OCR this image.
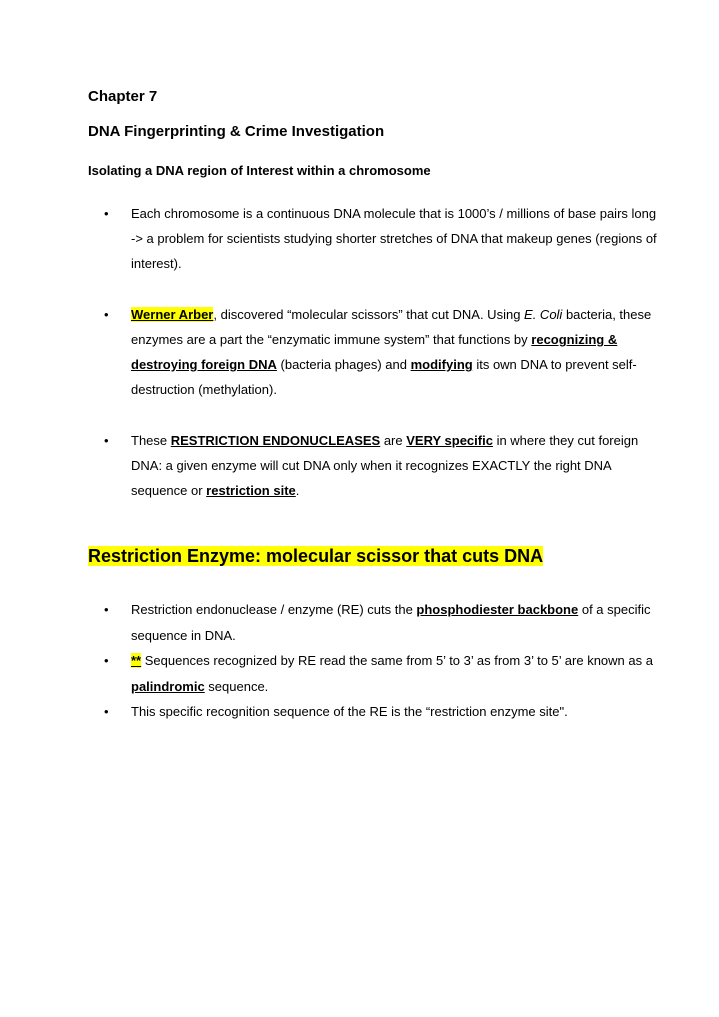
Chapter 7

DNA Fingerprinting & Crime Investigation

Isolating a DNA region of Interest within a chromosome

• Each chromosome is a continuous DNA molecule that is 1000’s / millions of base pairs long -> a problem for scientists studying shorter stretches of DNA that makeup genes (regions of interest).
• Werner Arber, discovered “molecular scissors” that cut DNA. Using E. Coli bacteria, these enzymes are a part the “enzymatic immune system” that functions by recognizing & destroying foreign DNA (bacteria phages) and modifying its own DNA to prevent self-destruction (methylation).
• These RESTRICTION ENDONUCLEASES are VERY specific in where they cut foreign DNA: a given enzyme will cut DNA only when it recognizes EXACTLY the right DNA sequence or restriction site.
Restriction Enzyme: molecular scissor that cuts DNA
• Restriction endonuclease / enzyme (RE) cuts the phosphodiester backbone of a specific sequence in DNA.
• ** Sequences recognized by RE read the same from 5’ to 3’ as from 3’ to 5’ are known as a palindromic sequence.
• This specific recognition sequence of the RE is the “restriction enzyme site".
